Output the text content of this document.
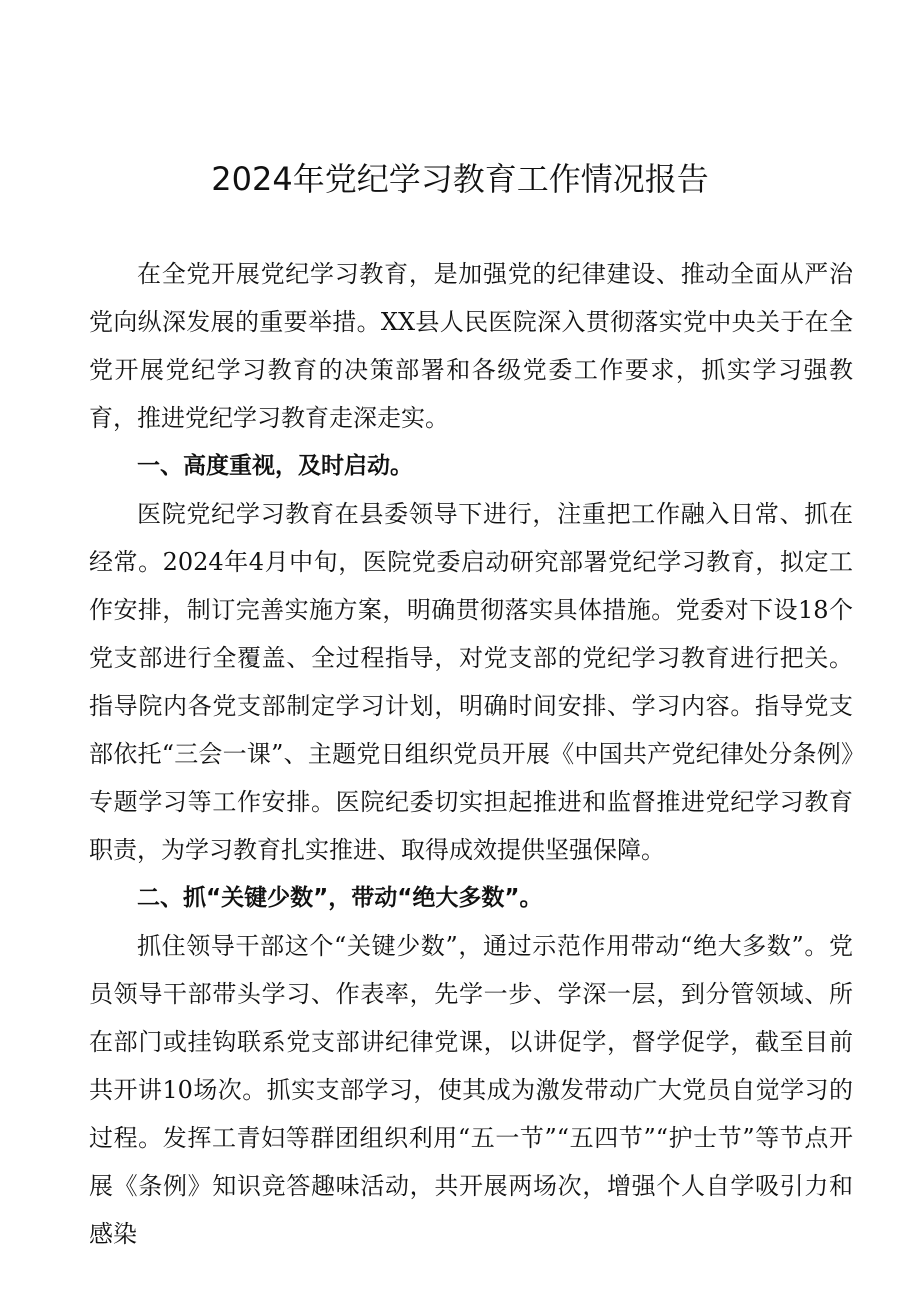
2024年党纪学习教育工作情况报告

在全党开展党纪学习教育，是加强党的纪律建设、推动全面从严治党向纵深发展的重要举措。XX县人民医院深入贯彻落实党中央关于在全党开展党纪学习教育的决策部署和各级党委工作要求，抓实学习强教育，推进党纪学习教育走深走实。

一、高度重视，及时启动。

医院党纪学习教育在县委领导下进行，注重把工作融入日常、抓在经常。2024年4月中旬，医院党委启动研究部署党纪学习教育，拟定工作安排，制订完善实施方案，明确贯彻落实具体措施。党委对下设18个党支部进行全覆盖、全过程指导，对党支部的党纪学习教育进行把关。指导院内各党支部制定学习计划，明确时间安排、学习内容。指导党支部依托“三会一课”、主题党日组织党员开展《中国共产党纪律处分条例》专题学习等工作安排。医院纪委切实担起推进和监督推进党纪学习教育职责，为学习教育扎实推进、取得成效提供坚强保障。

二、抓“关键少数”，带动“绝大多数”。

抓住领导干部这个“关键少数”，通过示范作用带动“绝大多数”。党员领导干部带头学习、作表率，先学一步、学深一层，到分管领域、所在部门或挂钩联系党支部讲纪律党课，以讲促学，督学促学，截至目前共开讲10场次。抓实支部学习，使其成为激发带动广大党员自觉学习的过程。发挥工青妇等群团组织利用“五一节”“五四节”“护士节”等节点开展《条例》知识竞答趣味活动，共开展两场次，增强个人自学吸引力和感染
